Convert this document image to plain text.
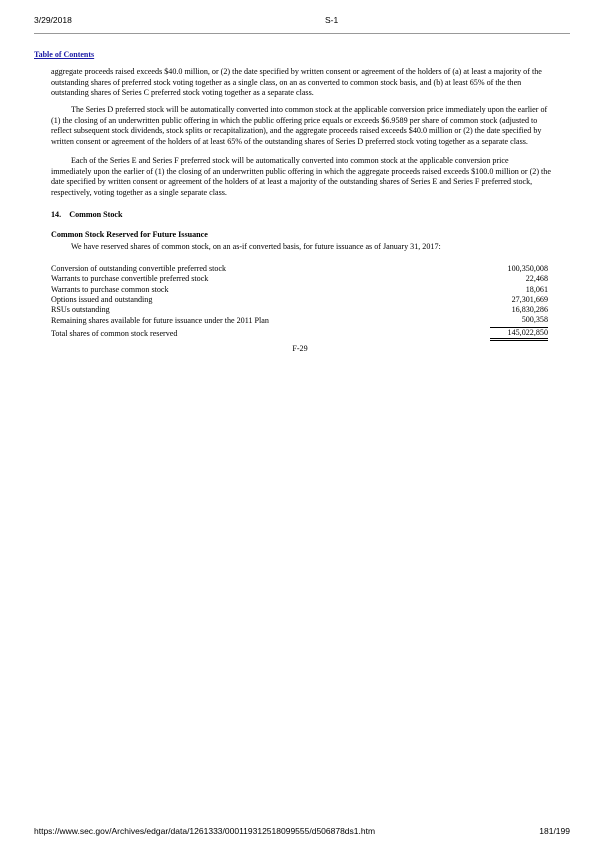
3/29/2018	S-1
Table of Contents
aggregate proceeds raised exceeds $40.0 million, or (2) the date specified by written consent or agreement of the holders of (a) at least a majority of the outstanding shares of preferred stock voting together as a single class, on an as converted to common stock basis, and (b) at least 65% of the then outstanding shares of Series C preferred stock voting together as a separate class.
The Series D preferred stock will be automatically converted into common stock at the applicable conversion price immediately upon the earlier of (1) the closing of an underwritten public offering in which the public offering price equals or exceeds $6.9589 per share of common stock (adjusted to reflect subsequent stock dividends, stock splits or recapitalization), and the aggregate proceeds raised exceeds $40.0 million or (2) the date specified by written consent or agreement of the holders of at least 65% of the outstanding shares of Series D preferred stock voting together as a separate class.
Each of the Series E and Series F preferred stock will be automatically converted into common stock at the applicable conversion price immediately upon the earlier of (1) the closing of an underwritten public offering in which the aggregate proceeds raised exceeds $100.0 million or (2) the date specified by written consent or agreement of the holders of at least a majority of the outstanding shares of Series E and Series F preferred stock, respectively, voting together as a single separate class.
14. Common Stock
Common Stock Reserved for Future Issuance
We have reserved shares of common stock, on an as-if converted basis, for future issuance as of January 31, 2017:
Conversion of outstanding convertible preferred stock	100,350,008
Warrants to purchase convertible preferred stock	22,468
Warrants to purchase common stock	18,061
Options issued and outstanding	27,301,669
RSUs outstanding	16,830,286
Remaining shares available for future issuance under the 2011 Plan	500,358
Total shares of common stock reserved	145,022,850
F-29
https://www.sec.gov/Archives/edgar/data/1261333/000119312518099555/d506878ds1.htm	181/199
